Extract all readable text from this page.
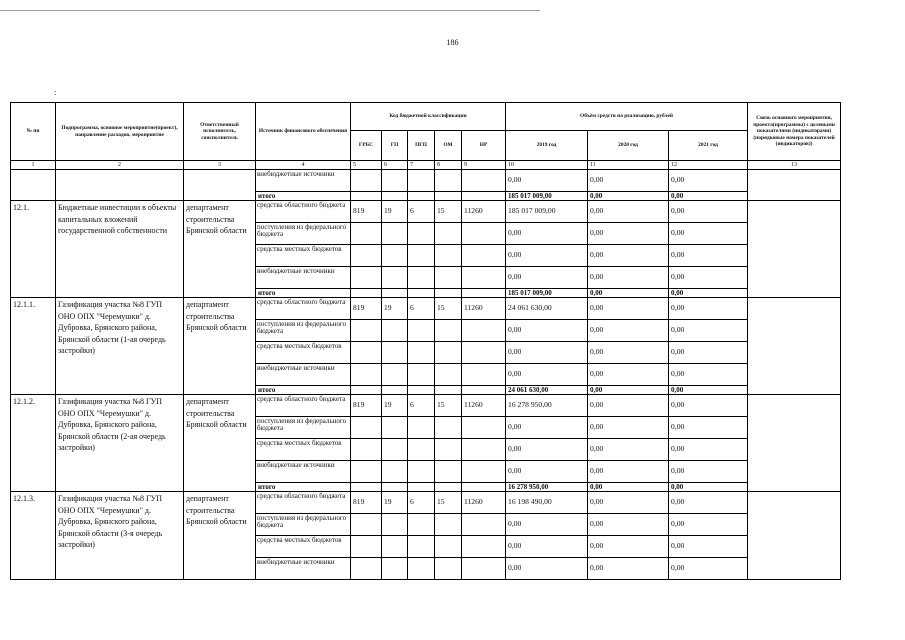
186
:
№ пп	Подпрограмма, основное мероприятие(проект), направление расходов, мероприятие	Ответственный исполнитель, соисполнитель	Источник финансового обеспечения	Код бюджетной классификации					Объём средств на реализацию, рублей			Связь основного мероприятия, проекта(программы) с целевыми показателями (индикаторами) (порядковые номера показателей (индикаторов))
				ГРБС	ГП	ПГП	ОМ	НР	2019 год	2020 год	2021 год	
1	2	3	4	5	6	7	8	9	10	11	12	13
			внебюджетные источники						0,00	0,00	0,00	
			итого						185 017 009,00	0,00	0,00	
12.1.	Бюджетные инвестиции в объекты капитальных вложений государственной собственности	департамент строительства Брянской области	средства областного бюджета	819	19	6	15	11260	185 017 009,00	0,00	0,00	
			поступления из федерального бюджета						0,00	0,00	0,00	
			средства местных бюджетов						0,00	0,00	0,00	
			внебюджетные источники						0,00	0,00	0,00	
			итого						185 017 009,00	0,00	0,00	
12.1.1.	Газификация участка №8 ГУП ОНО ОПХ "Черемушки" д. Дубровка, Брянского района, Брянской области (1-ая очередь застройки)	департамент строительства Брянской области	средства областного бюджета	819	19	6	15	11260	24 061 630,00	0,00	0,00	
			поступления из федерального бюджета						0,00	0,00	0,00	
			средства местных бюджетов						0,00	0,00	0,00	
			внебюджетные источники						0,00	0,00	0,00	
			итого						24 061 630,00	0,00	0,00	
12.1.2.	Газификация участка №8 ГУП ОНО ОПХ "Черемушки" д. Дубровка, Брянского района, Брянской области (2-ая очередь застройки)	департамент строительства Брянской области	средства областного бюджета	819	19	6	15	11260	16 278 950,00	0,00	0,00	
			поступления из федерального бюджета						0,00	0,00	0,00	
			средства местных бюджетов						0,00	0,00	0,00	
			внебюджетные источники						0,00	0,00	0,00	
			итого						16 278 950,00	0,00	0,00	
12.1.3.	Газификация участка №8 ГУП ОНО ОПХ "Черемушки" д. Дубровка, Брянского района, Брянской области (3-я очередь застройки)	департамент строительства Брянской области	средства областного бюджета	819	19	6	15	11260	16 198 490,00	0,00	0,00	
			поступления из федерального бюджета						0,00	0,00	0,00	
			средства местных бюджетов						0,00	0,00	0,00	
			внебюджетные источники						0,00	0,00	0,00	
